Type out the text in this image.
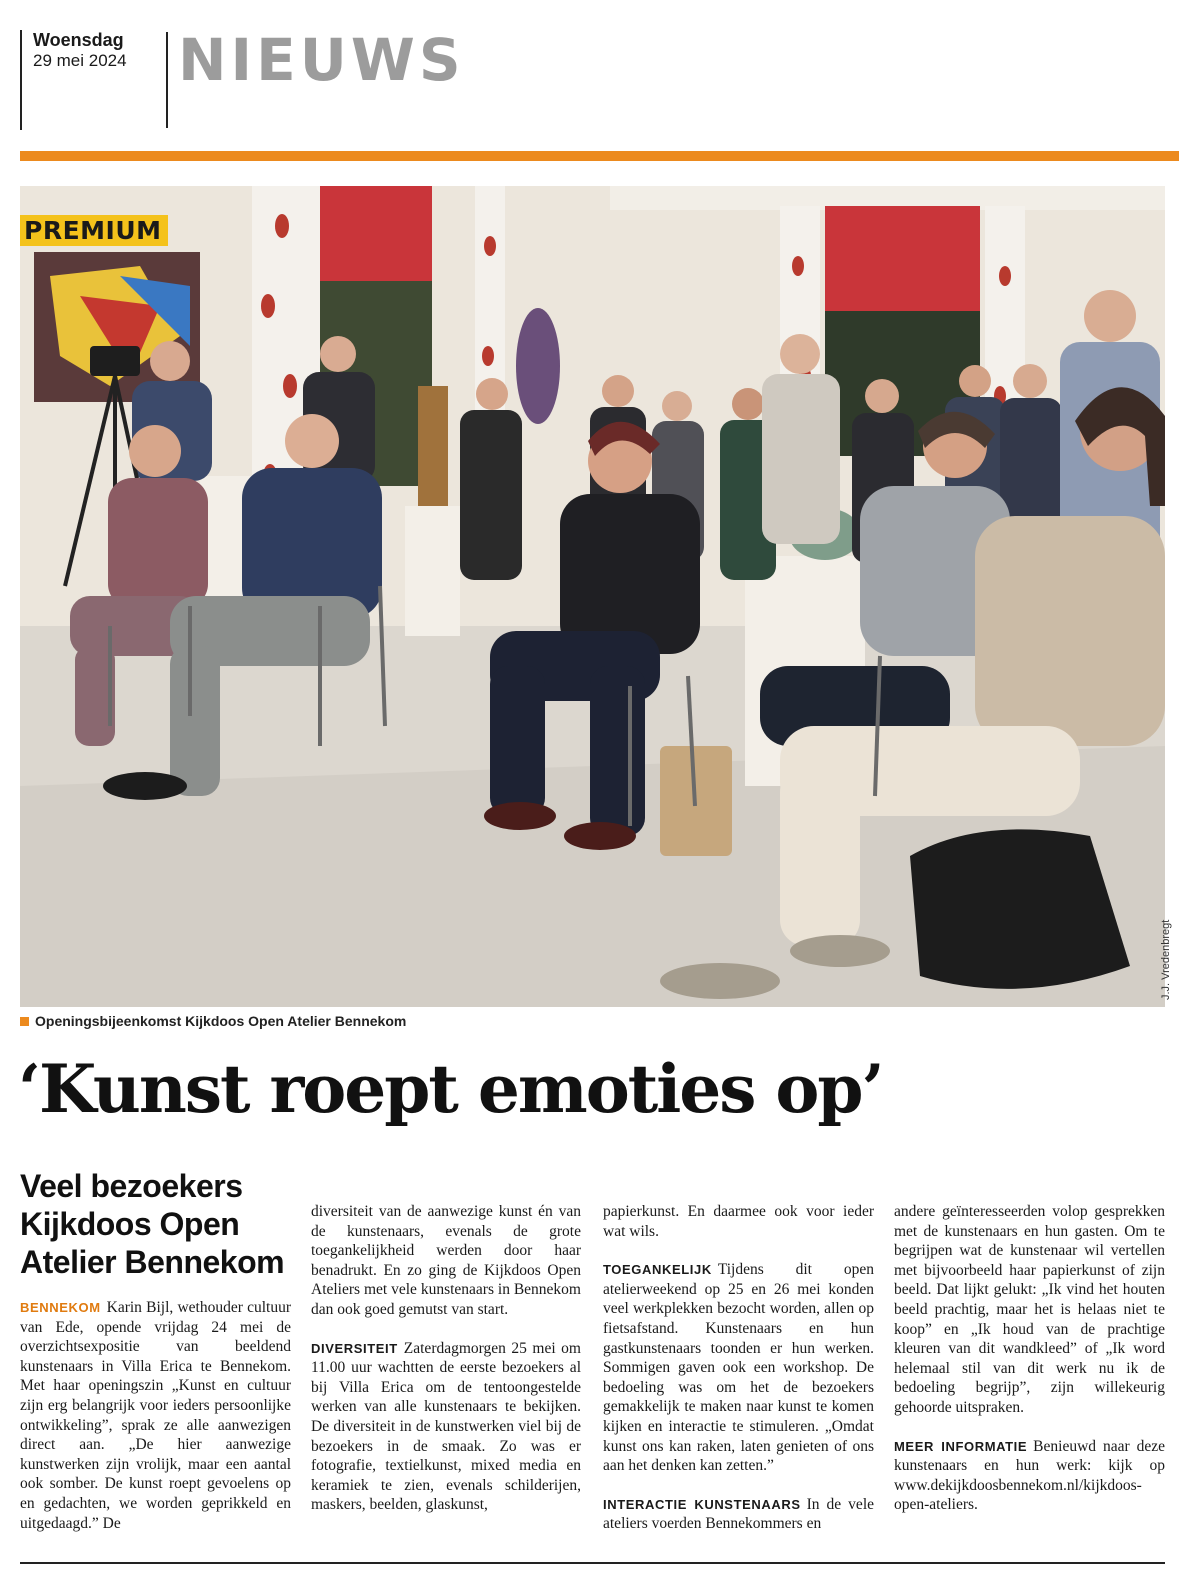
Woensdag
29 mei 2024 NIEUWS
PREMIUM
J.J. Vredenbregt
Openingsbijeenkomst Kijkdoos Open Atelier Bennekom
‘Kunst roept emoties op’
Veel bezoekers Kijkdoos Open Atelier Bennekom

BENNEKOM Karin Bijl, wethouder cultuur van Ede, opende vrijdag 24 mei de overzichtsexpositie van beeldend kunstenaars in Villa Erica te Bennekom. Met haar openingszin „Kunst en cultuur zijn erg belangrijk voor ieders persoonlijke ontwikkeling”, sprak ze alle aanwezigen direct aan. „De hier aanwezige kunstwerken zijn vrolijk, maar een aantal ook somber. De kunst roept gevoelens op en gedachten, we worden geprikkeld en uitgedaagd.” De

diversiteit van de aanwezige kunst én van de kunstenaars, evenals de grote toegankelijkheid werden door haar benadrukt. En zo ging de Kijkdoos Open Ateliers met vele kunstenaars in Bennekom dan ook goed gemutst van start.

DIVERSITEIT Zaterdagmorgen 25 mei om 11.00 uur wachtten de eerste bezoekers al bij Villa Erica om de tentoongestelde werken van alle kunstenaars te bekijken. De diversiteit in de kunstwerken viel bij de bezoekers in de smaak. Zo was er fotografie, textielkunst, mixed media en keramiek te zien, evenals schilderijen, maskers, beelden, glaskunst,

papierkunst. En daarmee ook voor ieder wat wils.

TOEGANKELIJK Tijdens dit open atelierweekend op 25 en 26 mei konden veel werkplekken bezocht worden, allen op fietsafstand. Kunstenaars en hun gastkunstenaars toonden er hun werken. Sommigen gaven ook een workshop. De bedoeling was om het de bezoekers gemakkelijk te maken naar kunst te komen kijken en interactie te stimuleren. „Omdat kunst ons kan raken, laten genieten of ons aan het denken kan zetten.”

INTERACTIE KUNSTENAARS In de vele ateliers voerden Bennekommers en

andere geïnteresseerden volop gesprekken met de kunstenaars en hun gasten. Om te begrijpen wat de kunstenaar wil vertellen met bijvoorbeeld haar papierkunst of zijn beeld. Dat lijkt gelukt: „Ik vind het houten beeld prachtig, maar het is helaas niet te koop” en „Ik houd van de prachtige kleuren van dit wandkleed” of „Ik word helemaal stil van dit werk nu ik de bedoeling begrijp”, zijn willekeurig gehoorde uitspraken.

MEER INFORMATIE Benieuwd naar deze kunstenaars en hun werk: kijk op www.dekijkdoosbennekom.nl/kijkdoos-open-ateliers.
